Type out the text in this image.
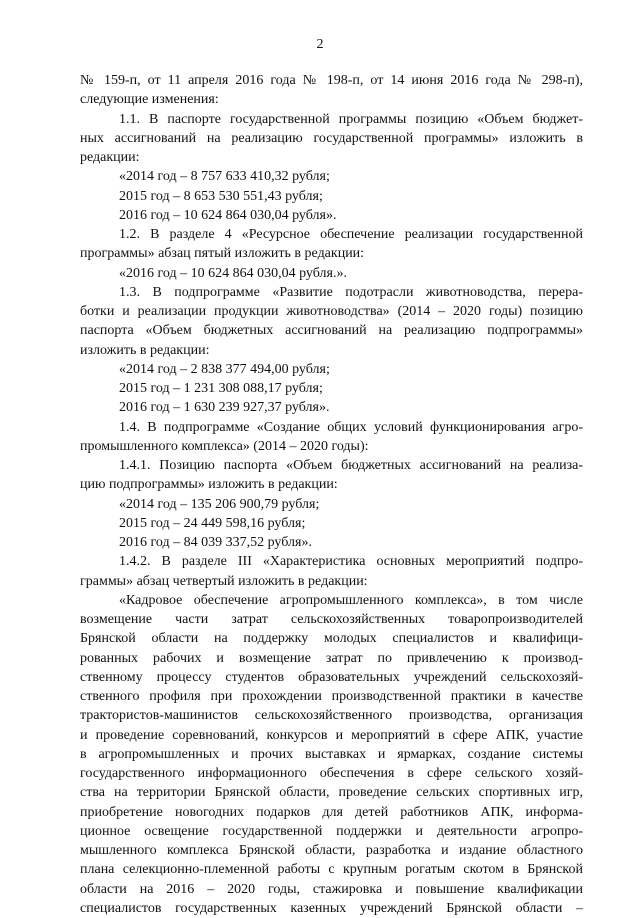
2
№ 159-п, от 11 апреля 2016 года № 198-п, от 14 июня 2016 года № 298-п),
следующие изменения:
1.1. В паспорте государственной программы позицию «Объем бюджет-
ных ассигнований на реализацию государственной программы» изложить в
редакции:
«2014 год – 8 757 633 410,32 рубля;
2015 год – 8 653 530 551,43 рубля;
2016 год – 10 624 864 030,04 рубля».
1.2. В разделе 4 «Ресурсное обеспечение реализации государственной
программы» абзац пятый изложить в редакции:
«2016 год – 10 624 864 030,04 рубля.».
1.3. В подпрограмме «Развитие подотрасли животноводства, перера-
ботки и реализации продукции животноводства» (2014 – 2020 годы) позицию
паспорта «Объем бюджетных ассигнований на реализацию подпрограммы»
изложить в редакции:
«2014 год – 2 838 377 494,00 рубля;
2015 год – 1 231 308 088,17 рубля;
2016 год – 1 630 239 927,37 рубля».
1.4. В подпрограмме «Создание общих условий функционирования агро-
промышленного комплекса» (2014 – 2020 годы):
1.4.1. Позицию паспорта «Объем бюджетных ассигнований на реализа-
цию подпрограммы» изложить в редакции:
«2014 год – 135 206 900,79 рубля;
2015 год – 24 449 598,16 рубля;
2016 год – 84 039 337,52 рубля».
1.4.2. В разделе III «Характеристика основных мероприятий подпро-
граммы» абзац четвертый изложить в редакции:
«Кадровое обеспечение агропромышленного комплекса», в том числе
возмещение части затрат сельскохозяйственных товаропроизводителей
Брянской области на поддержку молодых специалистов и квалифици-
рованных рабочих и возмещение затрат по привлечению к производ-
ственному процессу студентов образовательных учреждений сельскохозяй-
ственного профиля при прохождении производственной практики в качестве
трактористов-машинистов сельскохозяйственного производства, организация
и проведение соревнований, конкурсов и мероприятий в сфере АПК, участие
в агропромышленных и прочих выставках и ярмарках, создание системы
государственного информационного обеспечения в сфере сельского хозяй-
ства на территории Брянской области, проведение сельских спортивных игр,
приобретение новогодних подарков для детей работников АПК, информа-
ционное освещение государственной поддержки и деятельности агропро-
мышленного комплекса Брянской области, разработка и издание областного
плана селекционно-племенной работы с крупным рогатым скотом в Брянской
области на 2016 – 2020 годы, стажировка и повышение квалификации
специалистов государственных казенных учреждений Брянской области –
